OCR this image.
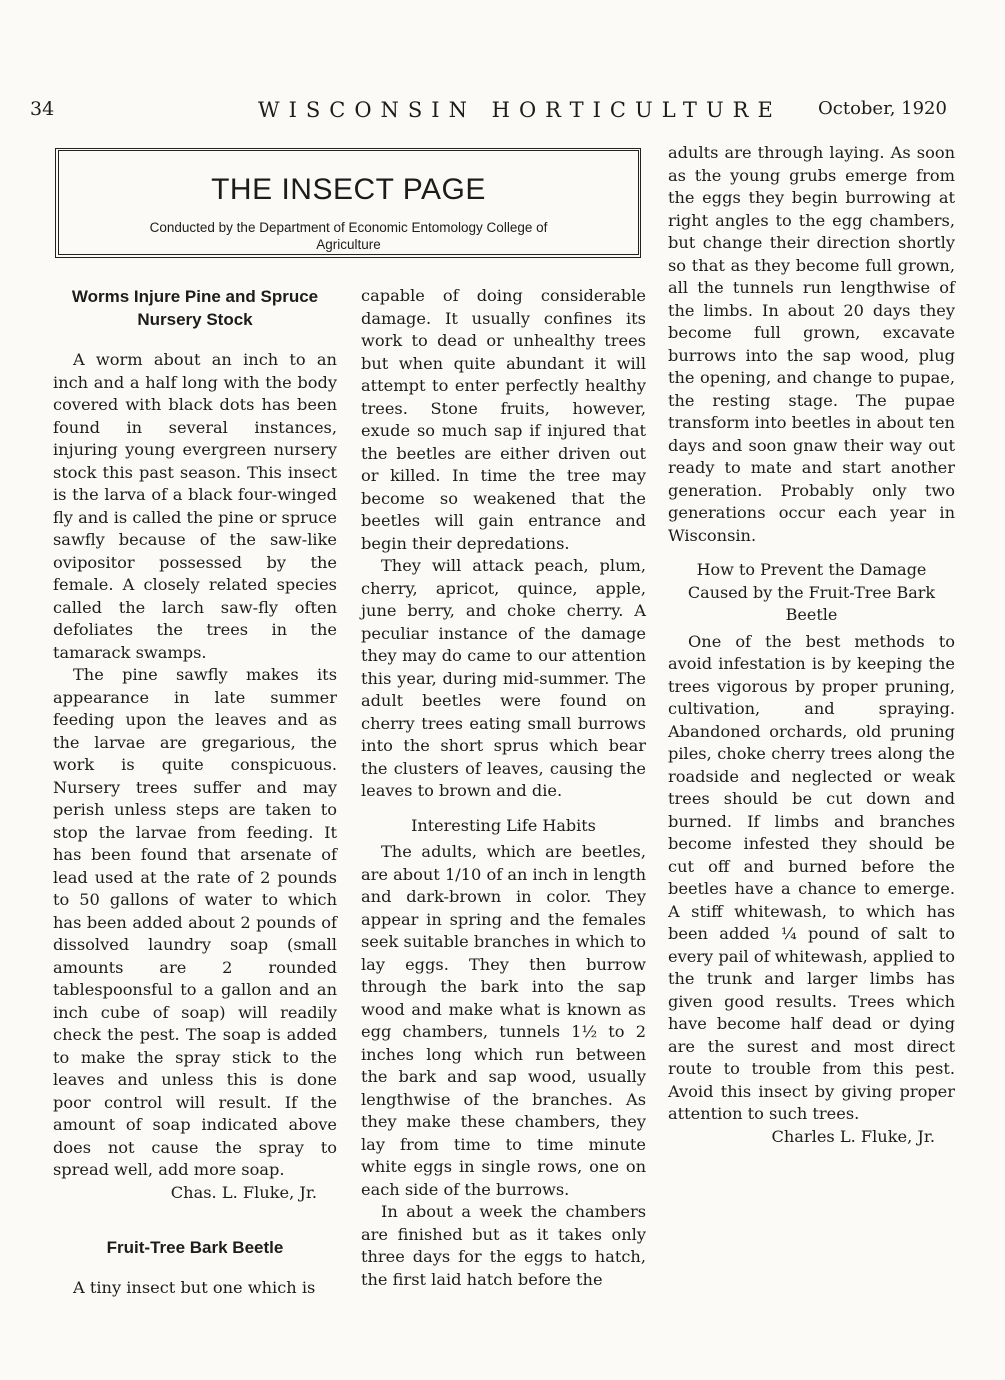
34	WISCONSIN HORTICULTURE October, 1920
THE INSECT PAGE
Conducted by the Department of Economic Entomology College of Agriculture
Worms Injure Pine and Spruce Nursery Stock

A worm about an inch to an inch and a half long with the body covered with black dots has been found in several instances, injuring young evergreen nursery stock this past season. This insect is the larva of a black four-winged fly and is called the pine or spruce sawfly because of the saw-like ovipositor possessed by the female. A closely related species called the larch saw-fly often defoliates the trees in the tamarack swamps.

The pine sawfly makes its appearance in late summer feeding upon the leaves and as the larvae are gregarious, the work is quite conspicuous. Nursery trees suffer and may perish unless steps are taken to stop the larvae from feeding. It has been found that arsenate of lead used at the rate of 2 pounds to 50 gallons of water to which has been added about 2 pounds of dissolved laundry soap (small amounts are 2 rounded tablespoonsful to a gallon and an inch cube of soap) will readily check the pest. The soap is added to make the spray stick to the leaves and unless this is done poor control will result. If the amount of soap indicated above does not cause the spray to spread well, add more soap.

Chas. L. Fluke, Jr.

Fruit-Tree Bark Beetle

A tiny insect but one which is

capable of doing considerable damage. It usually confines its work to dead or unhealthy trees but when quite abundant it will attempt to enter perfectly healthy trees. Stone fruits, however, exude so much sap if injured that the beetles are either driven out or killed. In time the tree may become so weakened that the beetles will gain entrance and begin their depredations.

They will attack peach, plum, cherry, apricot, quince, apple, june berry, and choke cherry. A peculiar instance of the damage they may do came to our attention this year, during mid-summer. The adult beetles were found on cherry trees eating small burrows into the short sprus which bear the clusters of leaves, causing the leaves to brown and die.

Interesting Life Habits

The adults, which are beetles, are about 1/10 of an inch in length and dark-brown in color. They appear in spring and the females seek suitable branches in which to lay eggs. They then burrow through the bark into the sap wood and make what is known as egg chambers, tunnels 1½ to 2 inches long which run between the bark and sap wood, usually lengthwise of the branches. As they make these chambers, they lay from time to time minute white eggs in single rows, one on each side of the burrows.

In about a week the chambers are finished but as it takes only three days for the eggs to hatch, the first laid hatch before the

adults are through laying. As soon as the young grubs emerge from the eggs they begin burrowing at right angles to the egg chambers, but change their direction shortly so that as they become full grown, all the tunnels run lengthwise of the limbs. In about 20 days they become full grown, excavate burrows into the sap wood, plug the opening, and change to pupae, the resting stage. The pupae transform into beetles in about ten days and soon gnaw their way out ready to mate and start another generation. Probably only two generations occur each year in Wisconsin.

How to Prevent the Damage Caused by the Fruit-Tree Bark Beetle

One of the best methods to avoid infestation is by keeping the trees vigorous by proper pruning, cultivation, and spraying. Abandoned orchards, old pruning piles, choke cherry trees along the roadside and neglected or weak trees should be cut down and burned. If limbs and branches become infested they should be cut off and burned before the beetles have a chance to emerge. A stiff whitewash, to which has been added ¼ pound of salt to every pail of whitewash, applied to the trunk and larger limbs has given good results. Trees which have become half dead or dying are the surest and most direct route to trouble from this pest. Avoid this insect by giving proper attention to such trees.

Charles L. Fluke, Jr.
